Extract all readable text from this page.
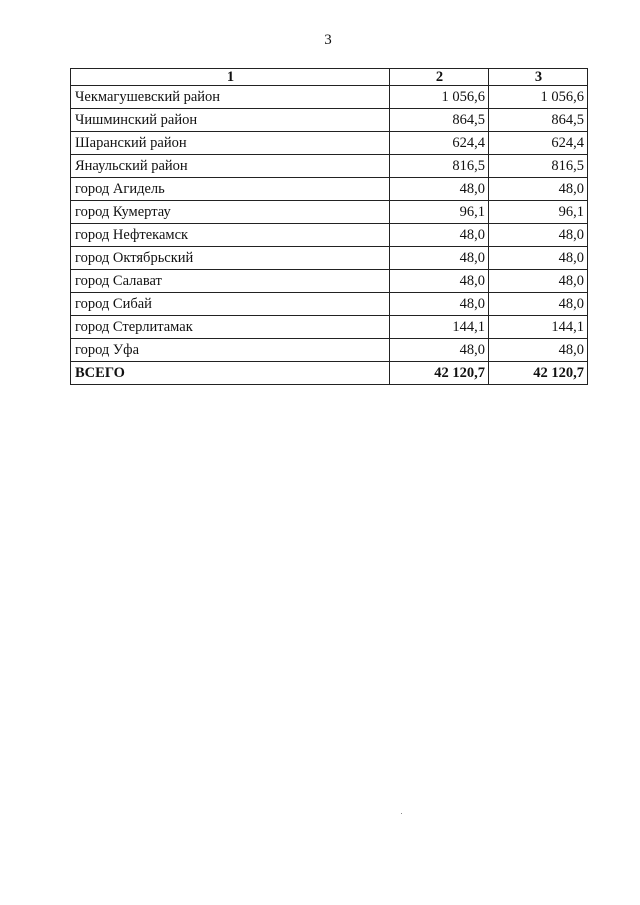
3
1	2	3
Чекмагушевский район	1 056,6	1 056,6
Чишминский район	864,5	864,5
Шаранский район	624,4	624,4
Янаульский район	816,5	816,5
город Агидель	48,0	48,0
город Кумертау	96,1	96,1
город Нефтекамск	48,0	48,0
город Октябрьский	48,0	48,0
город Салават	48,0	48,0
город Сибай	48,0	48,0
город Стерлитамак	144,1	144,1
город Уфа	48,0	48,0
ВСЕГО	42 120,7	42 120,7
